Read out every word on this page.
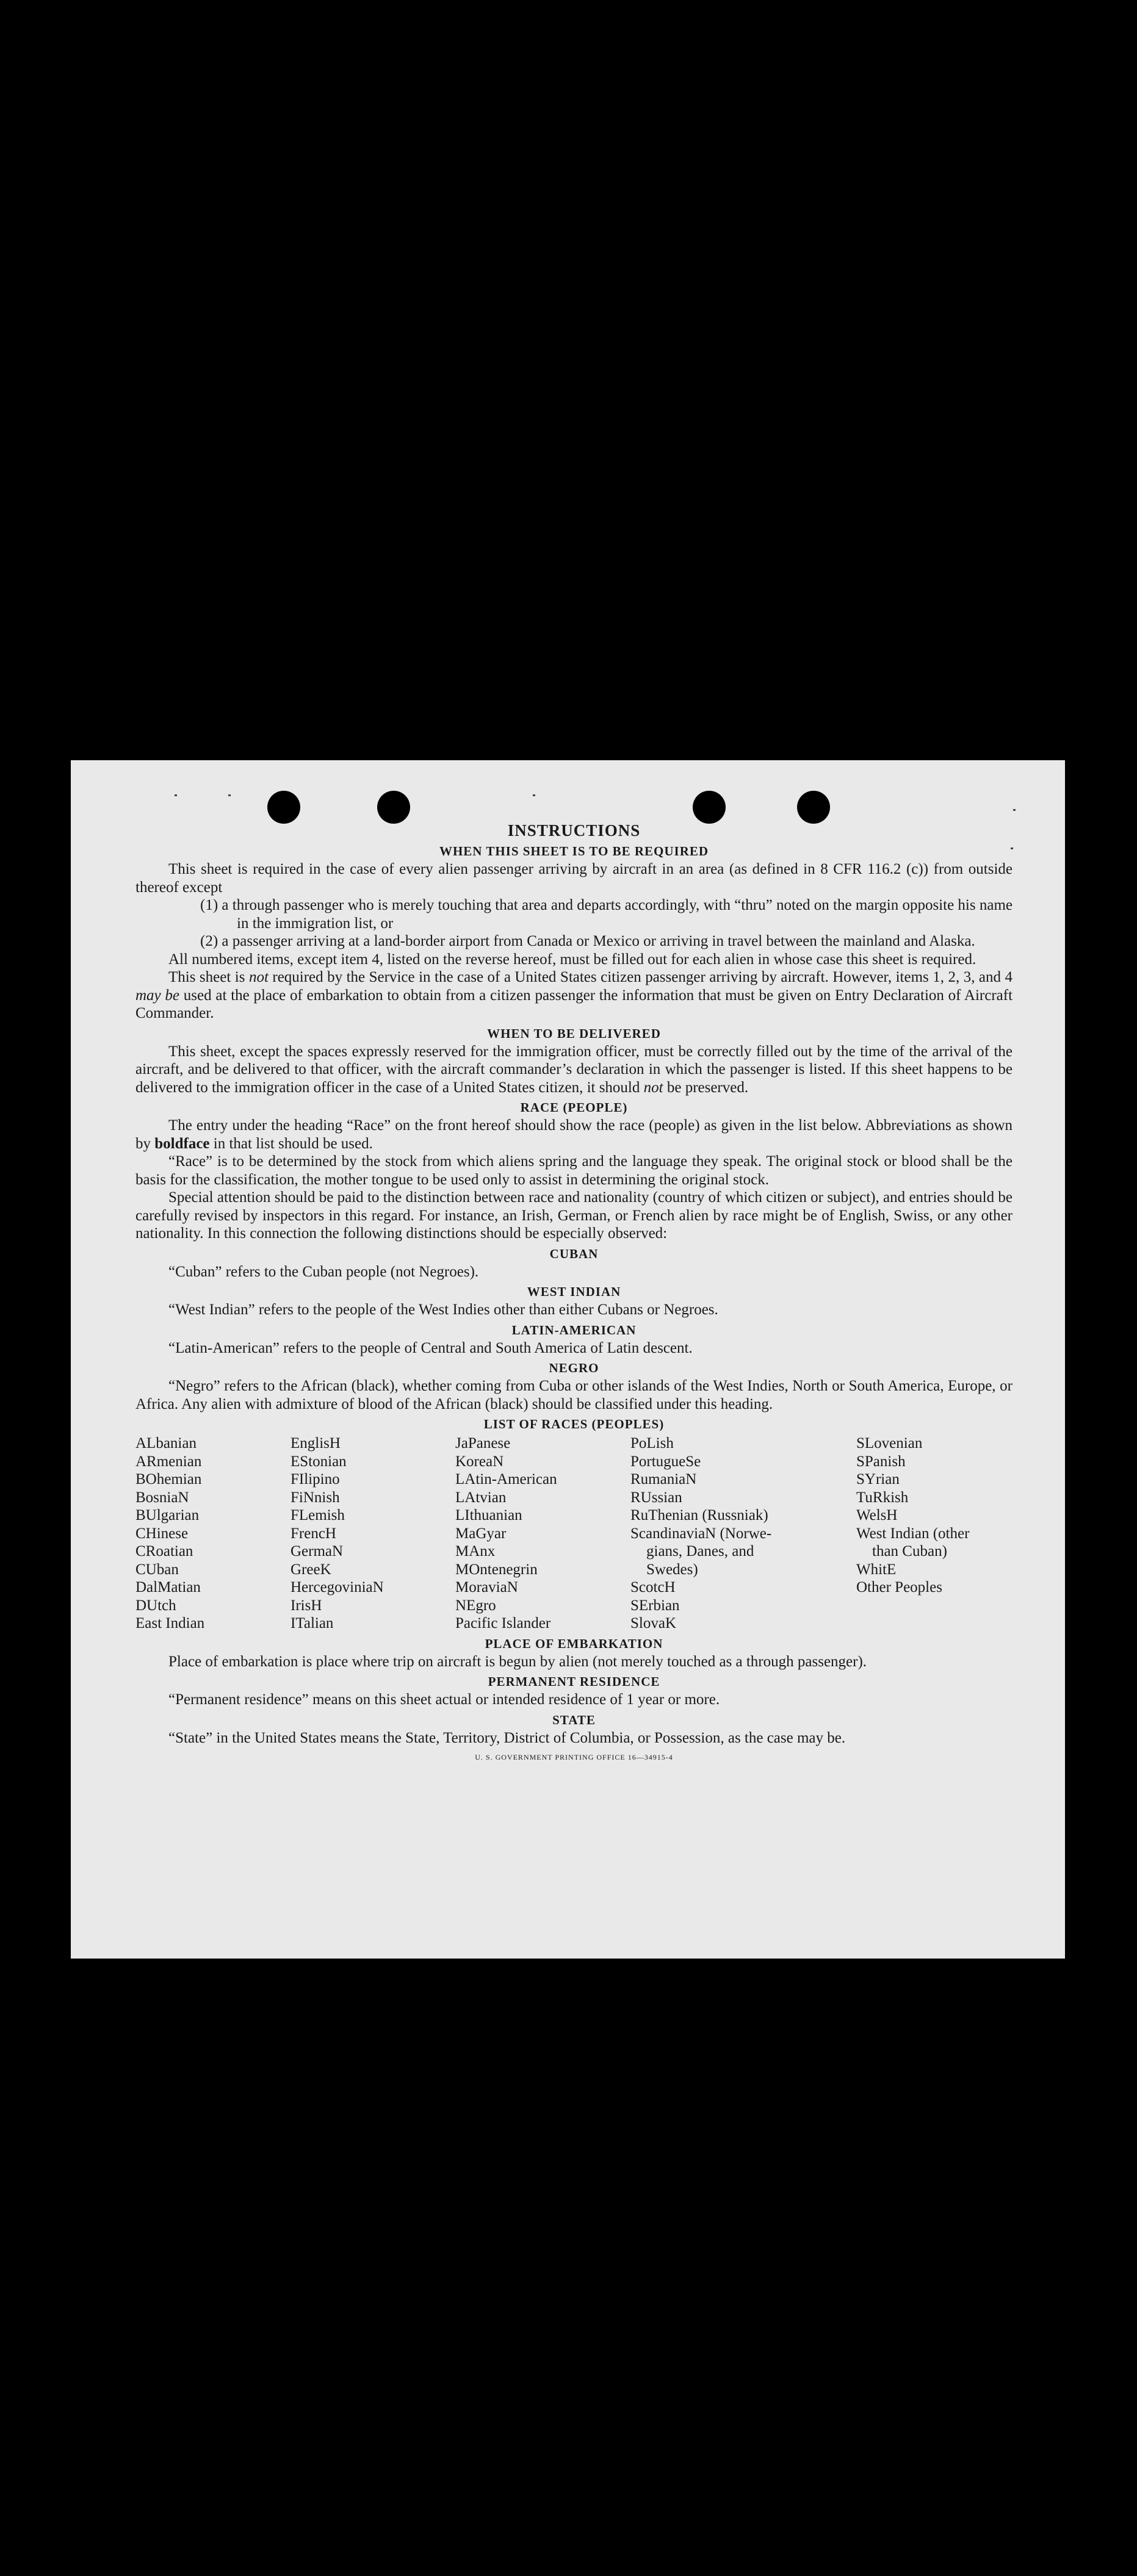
INSTRUCTIONS
WHEN THIS SHEET IS TO BE REQUIRED

This sheet is required in the case of every alien passenger arriving by aircraft in an area (as defined in 8 CFR 116.2 (c)) from outside thereof except

(1) a through passenger who is merely touching that area and departs accordingly, with “thru” noted on the margin opposite his name in the immigration list, or

(2) a passenger arriving at a land-border airport from Canada or Mexico or arriving in travel between the mainland and Alaska.

All numbered items, except item 4, listed on the reverse hereof, must be filled out for each alien in whose case this sheet is required.

This sheet is not required by the Service in the case of a United States citizen passenger arriving by aircraft. However, items 1, 2, 3, and 4 may be used at the place of embarkation to obtain from a citizen passenger the information that must be given on Entry Declaration of Aircraft Commander.

WHEN TO BE DELIVERED

This sheet, except the spaces expressly reserved for the immigration officer, must be correctly filled out by the time of the arrival of the aircraft, and be delivered to that officer, with the aircraft commander’s declaration in which the passenger is listed. If this sheet happens to be delivered to the immigration officer in the case of a United States citizen, it should not be preserved.

RACE (PEOPLE)

The entry under the heading “Race” on the front hereof should show the race (people) as given in the list below. Abbreviations as shown by boldface in that list should be used.

“Race” is to be determined by the stock from which aliens spring and the language they speak. The original stock or blood shall be the basis for the classification, the mother tongue to be used only to assist in determining the original stock.

Special attention should be paid to the distinction between race and nationality (country of which citizen or subject), and entries should be carefully revised by inspectors in this regard. For instance, an Irish, German, or French alien by race might be of English, Swiss, or any other nationality. In this connection the following distinctions should be especially observed:

CUBAN

“Cuban” refers to the Cuban people (not Negroes).

WEST INDIAN

“West Indian” refers to the people of the West Indies other than either Cubans or Negroes.

LATIN-AMERICAN

“Latin-American” refers to the people of Central and South America of Latin descent.

NEGRO

“Negro” refers to the African (black), whether coming from Cuba or other islands of the West Indies, North or South America, Europe, or Africa. Any alien with admixture of blood of the African (black) should be classified under this heading.

LIST OF RACES (PEOPLES)
ALbanian
ARmenian
BOhemian
BosniaN
BUlgarian
CHinese
CRoatian
CUban
DalMatian
DUtch
East Indian
EnglisH
EStonian
FIlipino
FiNnish
FLemish
FrencH
GermaN
GreeK
HercegoviniaN
IrisH
ITalian
JaPanese
KoreaN
LAtin-American
LAtvian
LIthuanian
MaGyar
MAnx
MOntenegrin
MoraviaN
NEgro
Pacific Islander
PoLish
PortugueSe
RumaniaN
RUssian
RuThenian (Russniak)
ScandinaviaN (Norwe-
gians, Danes, and
Swedes)
ScotcH
SErbian
SlovaK
SLovenian
SPanish
SYrian
TuRkish
WelsH
West Indian (other
than Cuban)
WhitE
Other Peoples
PLACE OF EMBARKATION

Place of embarkation is place where trip on aircraft is begun by alien (not merely touched as a through passenger).

PERMANENT RESIDENCE

“Permanent residence” means on this sheet actual or intended residence of 1 year or more.

STATE

“State” in the United States means the State, Territory, District of Columbia, or Possession, as the case may be.

U. S. GOVERNMENT PRINTING OFFICE 16—34915-4
